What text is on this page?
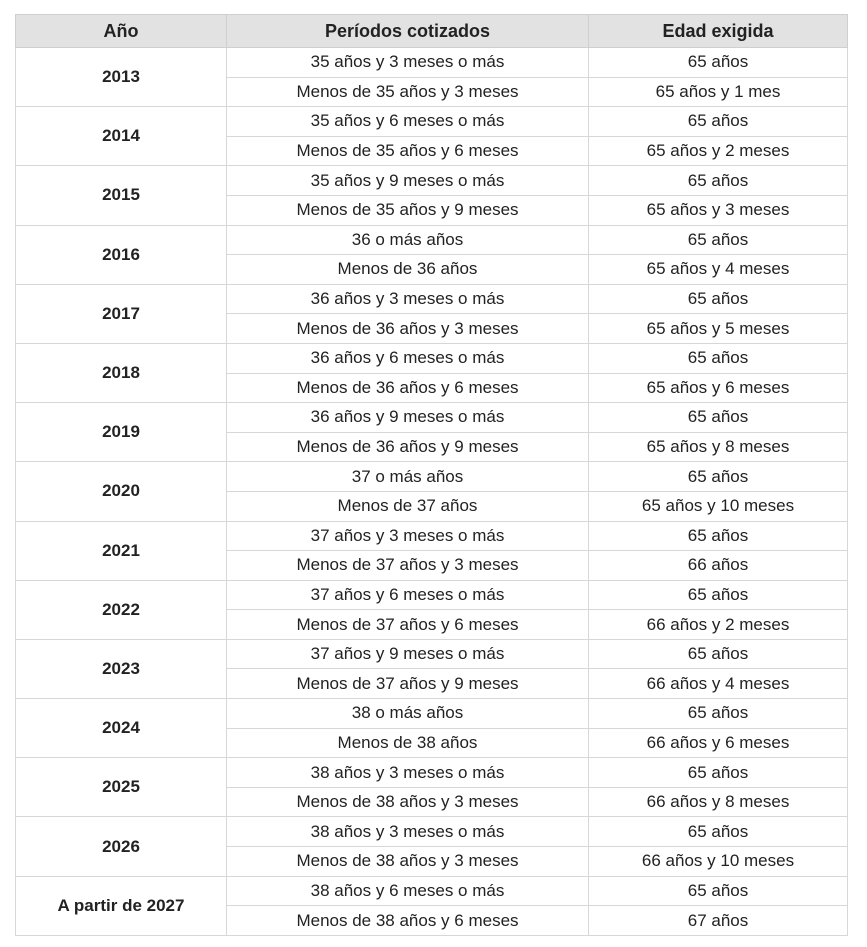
Año	Períodos cotizados	Edad exigida
2013	35 años y 3 meses o más	65 años
	Menos de 35 años y 3 meses	65 años y 1 mes
2014	35 años y 6 meses o más	65 años
	Menos de 35 años y 6 meses	65 años y 2 meses
2015	35 años y 9 meses o más	65 años
	Menos de 35 años y 9 meses	65 años y 3 meses
2016	36 o más años	65 años
	Menos de 36 años	65 años y 4 meses
2017	36 años y 3 meses o más	65 años
	Menos de 36 años y 3 meses	65 años y 5 meses
2018	36 años y 6 meses o más	65 años
	Menos de 36 años y 6 meses	65 años y 6 meses
2019	36 años y 9 meses o más	65 años
	Menos de 36 años y 9 meses	65 años y 8 meses
2020	37 o más años	65 años
	Menos de 37 años	65 años y 10 meses
2021	37 años y 3 meses o más	65 años
	Menos de 37 años y 3 meses	66 años
2022	37 años y 6 meses o más	65 años
	Menos de 37 años y 6 meses	66 años y 2 meses
2023	37 años y 9 meses o más	65 años
	Menos de 37 años y 9 meses	66 años y 4 meses
2024	38 o más años	65 años
	Menos de 38 años	66 años y 6 meses
2025	38 años y 3 meses o más	65 años
	Menos de 38 años y 3 meses	66 años y 8 meses
2026	38 años y 3 meses o más	65 años
	Menos de 38 años y 3 meses	66 años y 10 meses
A partir de 2027	38 años y 6 meses o más	65 años
	Menos de 38 años y 6 meses	67 años
